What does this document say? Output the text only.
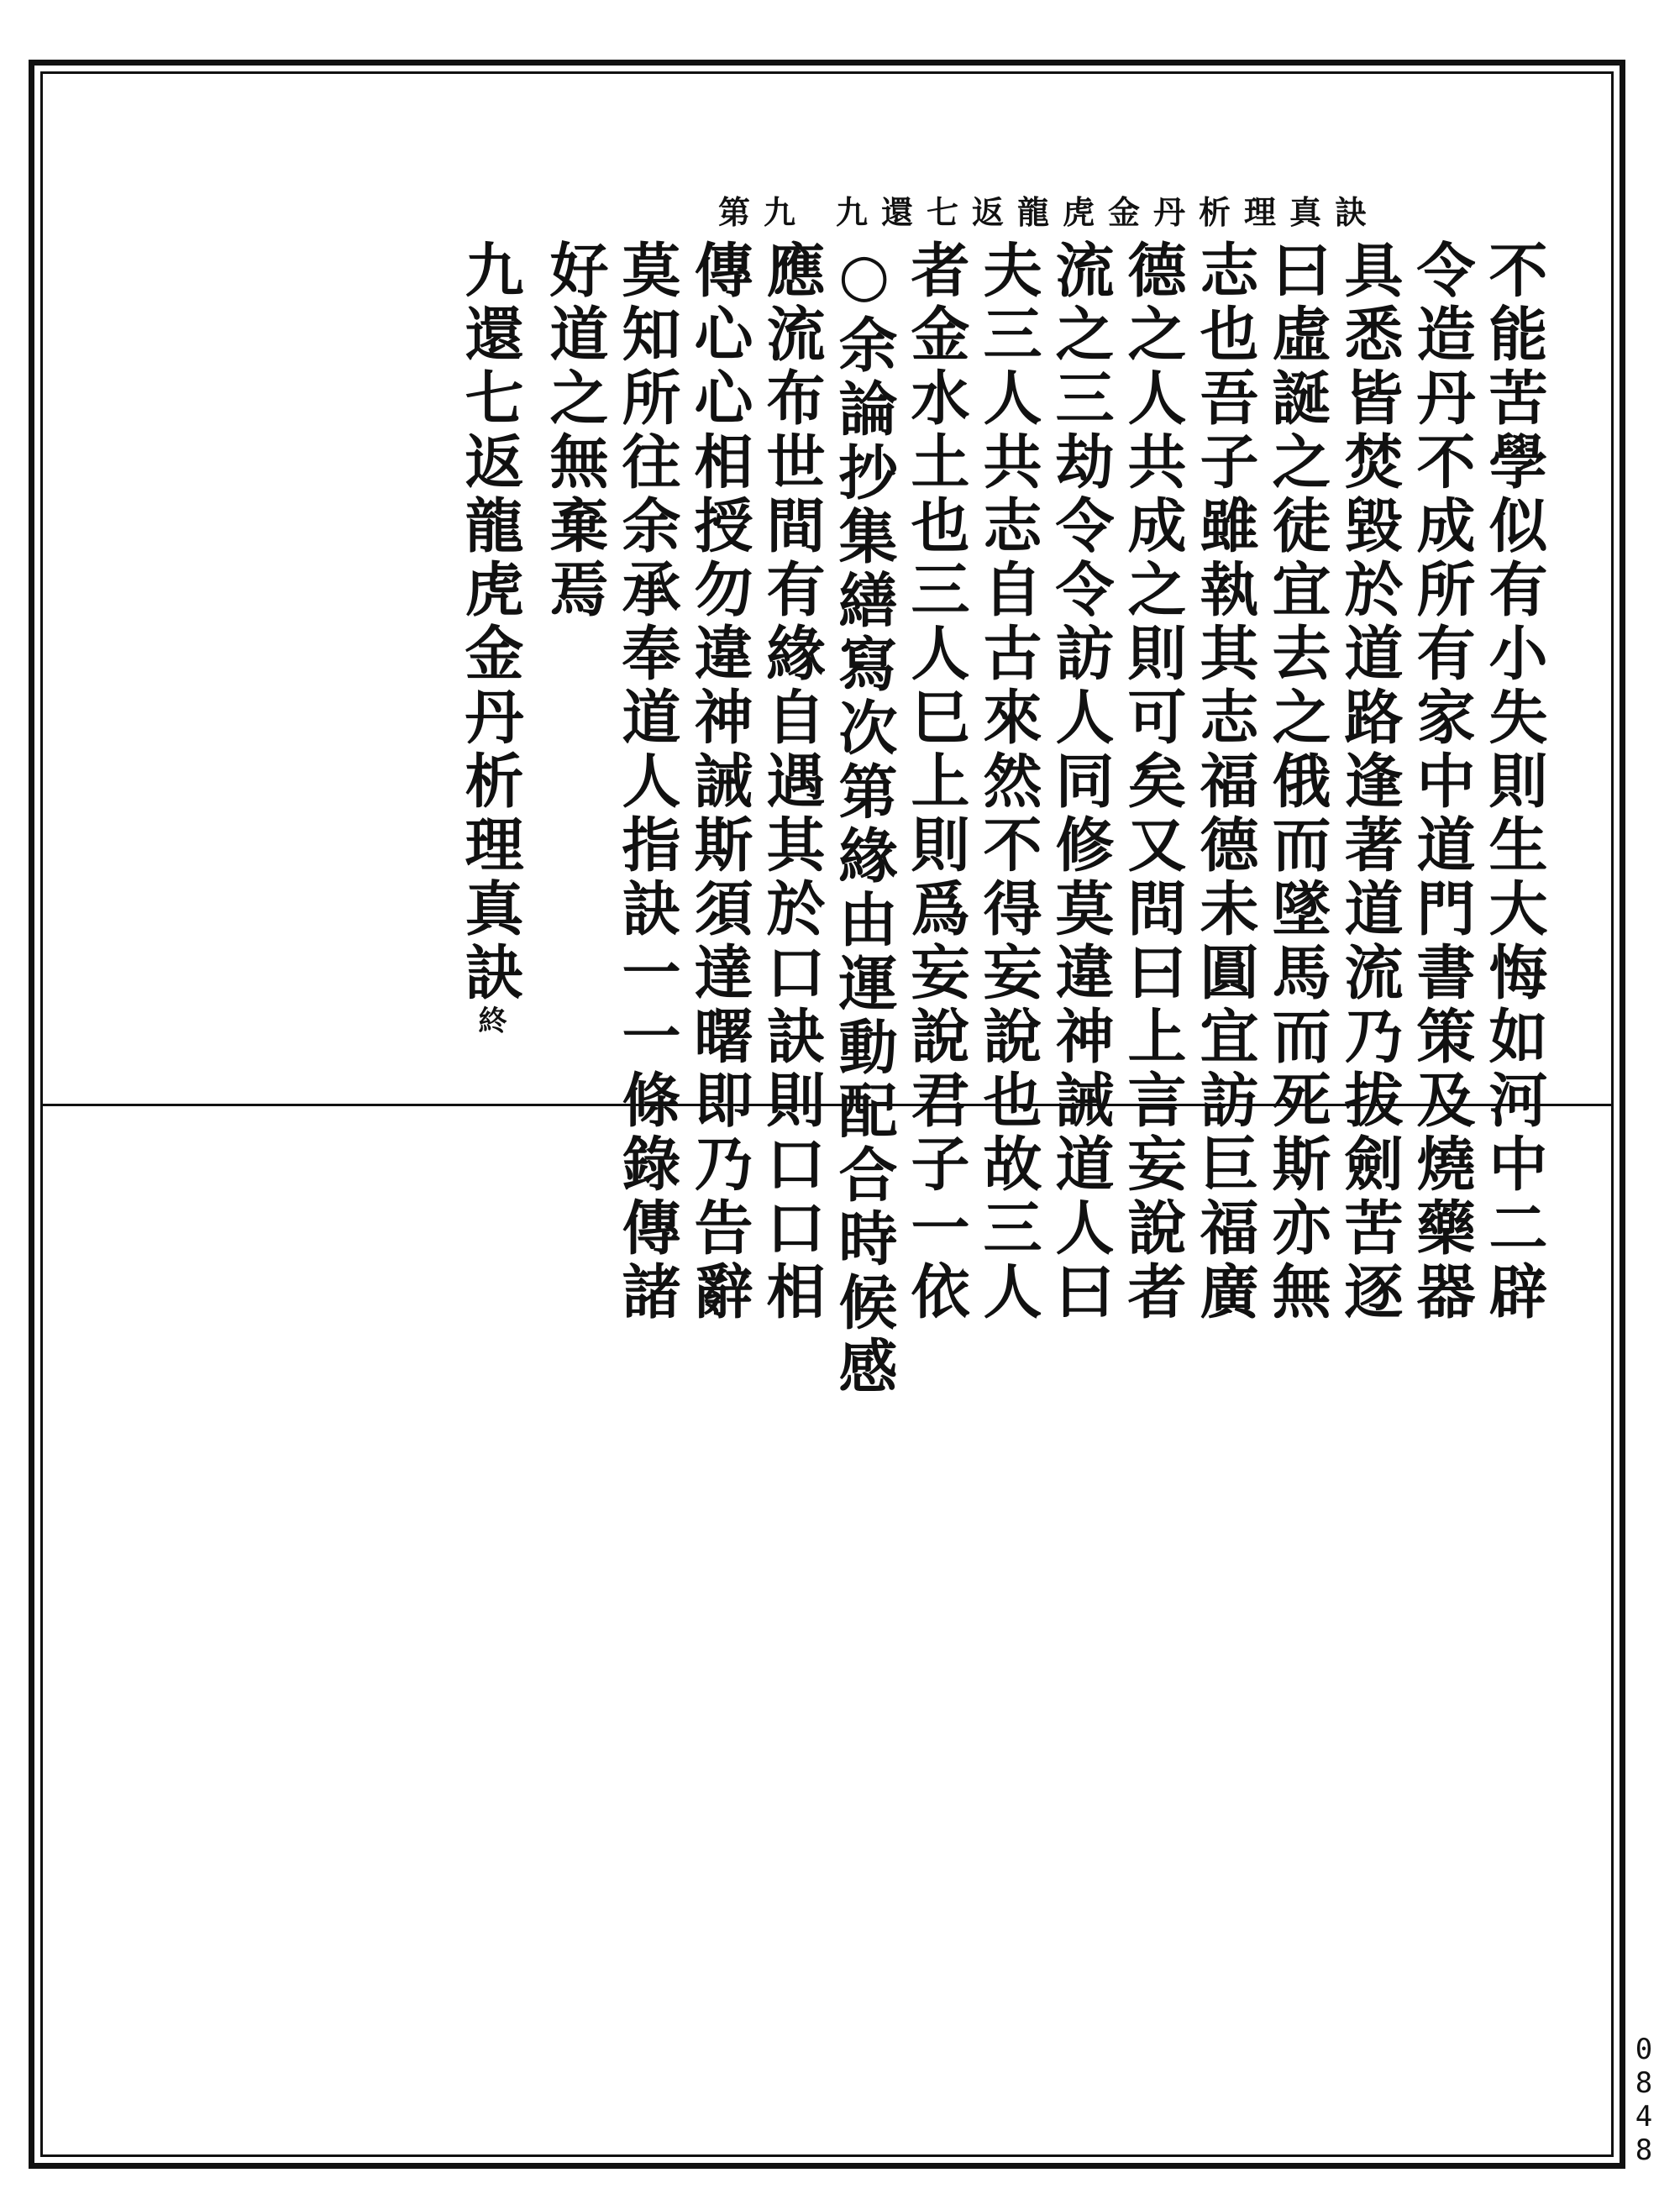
九還七返龍虎金丹析理真訣
第九
不能苦學似有小失則生大悔如河中二辟
令造丹不成所有家中道門書策及燒藥器
具悉皆焚毀於道路逢著道流乃拔劍苦逐
曰虛誕之徒宜去之俄而墜馬而死斯亦無
志也吾子雖執其志福德未圓宜訪巨福廣
德之人共成之則可矣又問曰上言妄說者
流之三劫令令訪人同修莫違神誡道人曰
夫三人共志自古來然不得妄說也故三人
者金水土也三人巳上則爲妄說君子一依
○余論抄集繕寫次第緣由運動配合時候感
應流布世間有緣自遇其於口訣則口口相
傳心心相授勿違神誡斯須達曙即乃告辭
莫知所往余承奉道人指訣一一條錄傳諸
好道之無棄焉
九還七返龍虎金丹析理真訣終
0848
